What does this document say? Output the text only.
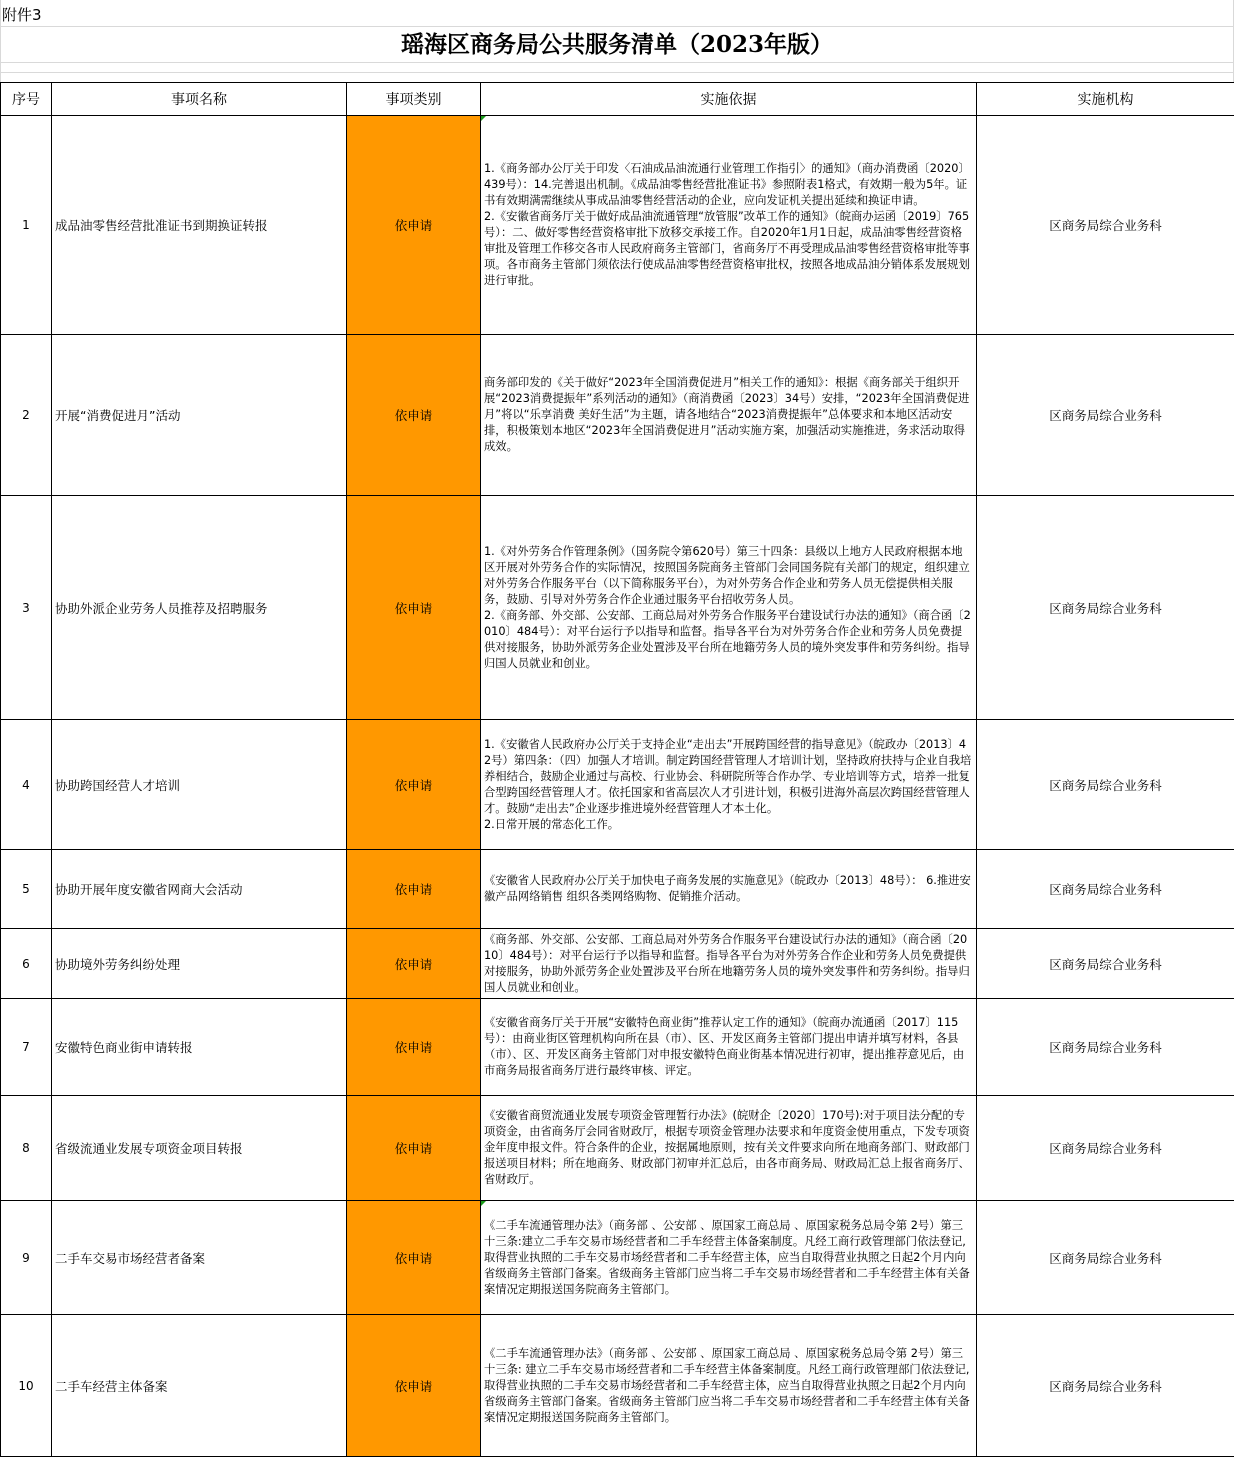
附件3
瑶海区商务局公共服务清单（2023年版）
序号	事项名称	事项类别	实施依据	实施机构
1	成品油零售经营批准证书到期换证转报	依申请	1.《商务部办公厅关于印发〈石油成品油流通行业管理工作指引〉的通知》（商办消费函〔2020〕439号）：14.完善退出机制。《成品油零售经营批准证书》参照附表1格式，有效期一般为5年。证书有效期满需继续从事成品油零售经营活动的企业，应向发证机关提出延续和换证申请。
2.《安徽省商务厅关于做好成品油流通管理“放管服”改革工作的通知》（皖商办运函〔2019〕765号）：二、做好零售经营资格审批下放移交承接工作。自2020年1月1日起，成品油零售经营资格审批及管理工作移交各市人民政府商务主管部门，省商务厅不再受理成品油零售经营资格审批等事项。各市商务主管部门须依法行使成品油零售经营资格审批权，按照各地成品油分销体系发展规划进行审批。	区商务局综合业务科
2	开展“消费促进月”活动	依申请	商务部印发的《关于做好“2023年全国消费促进月”相关工作的通知》：根据《商务部关于组织开展“2023消费提振年”系列活动的通知》（商消费函〔2023〕34号）安排，“2023年全国消费促进月”将以“乐享消费 美好生活”为主题，请各地结合“2023消费提振年”总体要求和本地区活动安排，积极策划本地区“2023年全国消费促进月”活动实施方案，加强活动实施推进，务求活动取得成效。	区商务局综合业务科
3	协助外派企业劳务人员推荐及招聘服务	依申请	1.《对外劳务合作管理条例》（国务院令第620号）第三十四条：县级以上地方人民政府根据本地区开展对外劳务合作的实际情况，按照国务院商务主管部门会同国务院有关部门的规定，组织建立对外劳务合作服务平台（以下简称服务平台），为对外劳务合作企业和劳务人员无偿提供相关服务，鼓励、引导对外劳务合作企业通过服务平台招收劳务人员。
2.《商务部、外交部、公安部、工商总局对外劳务合作服务平台建设试行办法的通知》（商合函〔2010〕484号）：对平台运行予以指导和监督。指导各平台为对外劳务合作企业和劳务人员免费提供对接服务，协助外派劳务企业处置涉及平台所在地籍劳务人员的境外突发事件和劳务纠纷。指导归国人员就业和创业。	区商务局综合业务科
4	协助跨国经营人才培训	依申请	1.《安徽省人民政府办公厅关于支持企业“走出去”开展跨国经营的指导意见》（皖政办〔2013〕42号）第四条：（四）加强人才培训。制定跨国经营管理人才培训计划，坚持政府扶持与企业自我培养相结合，鼓励企业通过与高校、行业协会、科研院所等合作办学、专业培训等方式，培养一批复合型跨国经营管理人才。依托国家和省高层次人才引进计划，积极引进海外高层次跨国经营管理人才。鼓励“走出去”企业逐步推进境外经营管理人才本土化。
2.日常开展的常态化工作。	区商务局综合业务科
5	协助开展年度安徽省网商大会活动	依申请	《安徽省人民政府办公厅关于加快电子商务发展的实施意见》（皖政办〔2013〕48号）： 6.推进安徽产品网络销售 组织各类网络购物、促销推介活动。	区商务局综合业务科
6	协助境外劳务纠纷处理	依申请	《商务部、外交部、公安部、工商总局对外劳务合作服务平台建设试行办法的通知》（商合函〔2010〕484号）：对平台运行予以指导和监督。指导各平台为对外劳务合作企业和劳务人员免费提供对接服务，协助外派劳务企业处置涉及平台所在地籍劳务人员的境外突发事件和劳务纠纷。指导归国人员就业和创业。	区商务局综合业务科
7	安徽特色商业街申请转报	依申请	《安徽省商务厅关于开展“安徽特色商业街”推荐认定工作的通知》（皖商办流通函〔2017〕115号）：由商业街区管理机构向所在县（市）、区、开发区商务主管部门提出申请并填写材料，各县（市）、区、开发区商务主管部门对申报安徽特色商业街基本情况进行初审，提出推荐意见后，由市商务局报省商务厅进行最终审核、评定。	区商务局综合业务科
8	省级流通业发展专项资金项目转报	依申请	《安徽省商贸流通业发展专项资金管理暂行办法》(皖财企〔2020〕170号):对于项目法分配的专项资金，由省商务厅会同省财政厅，根据专项资金管理办法要求和年度资金使用重点，下发专项资金年度申报文件。符合条件的企业，按据属地原则，按有关文件要求向所在地商务部门、财政部门报送项目材料；所在地商务、财政部门初审并汇总后，由各市商务局、财政局汇总上报省商务厅、省财政厅。	区商务局综合业务科
9	二手车交易市场经营者备案	依申请	《二手车流通管理办法》（商务部 、公安部 、原国家工商总局 、原国家税务总局令第 2号）第三十三条:建立二手车交易市场经营者和二手车经营主体备案制度。凡经工商行政管理部门依法登记, 取得营业执照的二手车交易市场经营者和二手车经营主体，应当自取得营业执照之日起2个月内向省级商务主管部门备案。省级商务主管部门应当将二手车交易市场经营者和二手车经营主体有关备案情况定期报送国务院商务主管部门。	区商务局综合业务科
10	二手车经营主体备案	依申请	《二手车流通管理办法》（商务部 、公安部 、原国家工商总局 、原国家税务总局令第 2号）第三十三条: 建立二手车交易市场经营者和二手车经营主体备案制度。凡经工商行政管理部门依法登记, 取得营业执照的二手车交易市场经营者和二手车经营主体，应当自取得营业执照之日起2个月内向省级商务主管部门备案。省级商务主管部门应当将二手车交易市场经营者和二手车经营主体有关备案情况定期报送国务院商务主管部门。	区商务局综合业务科
